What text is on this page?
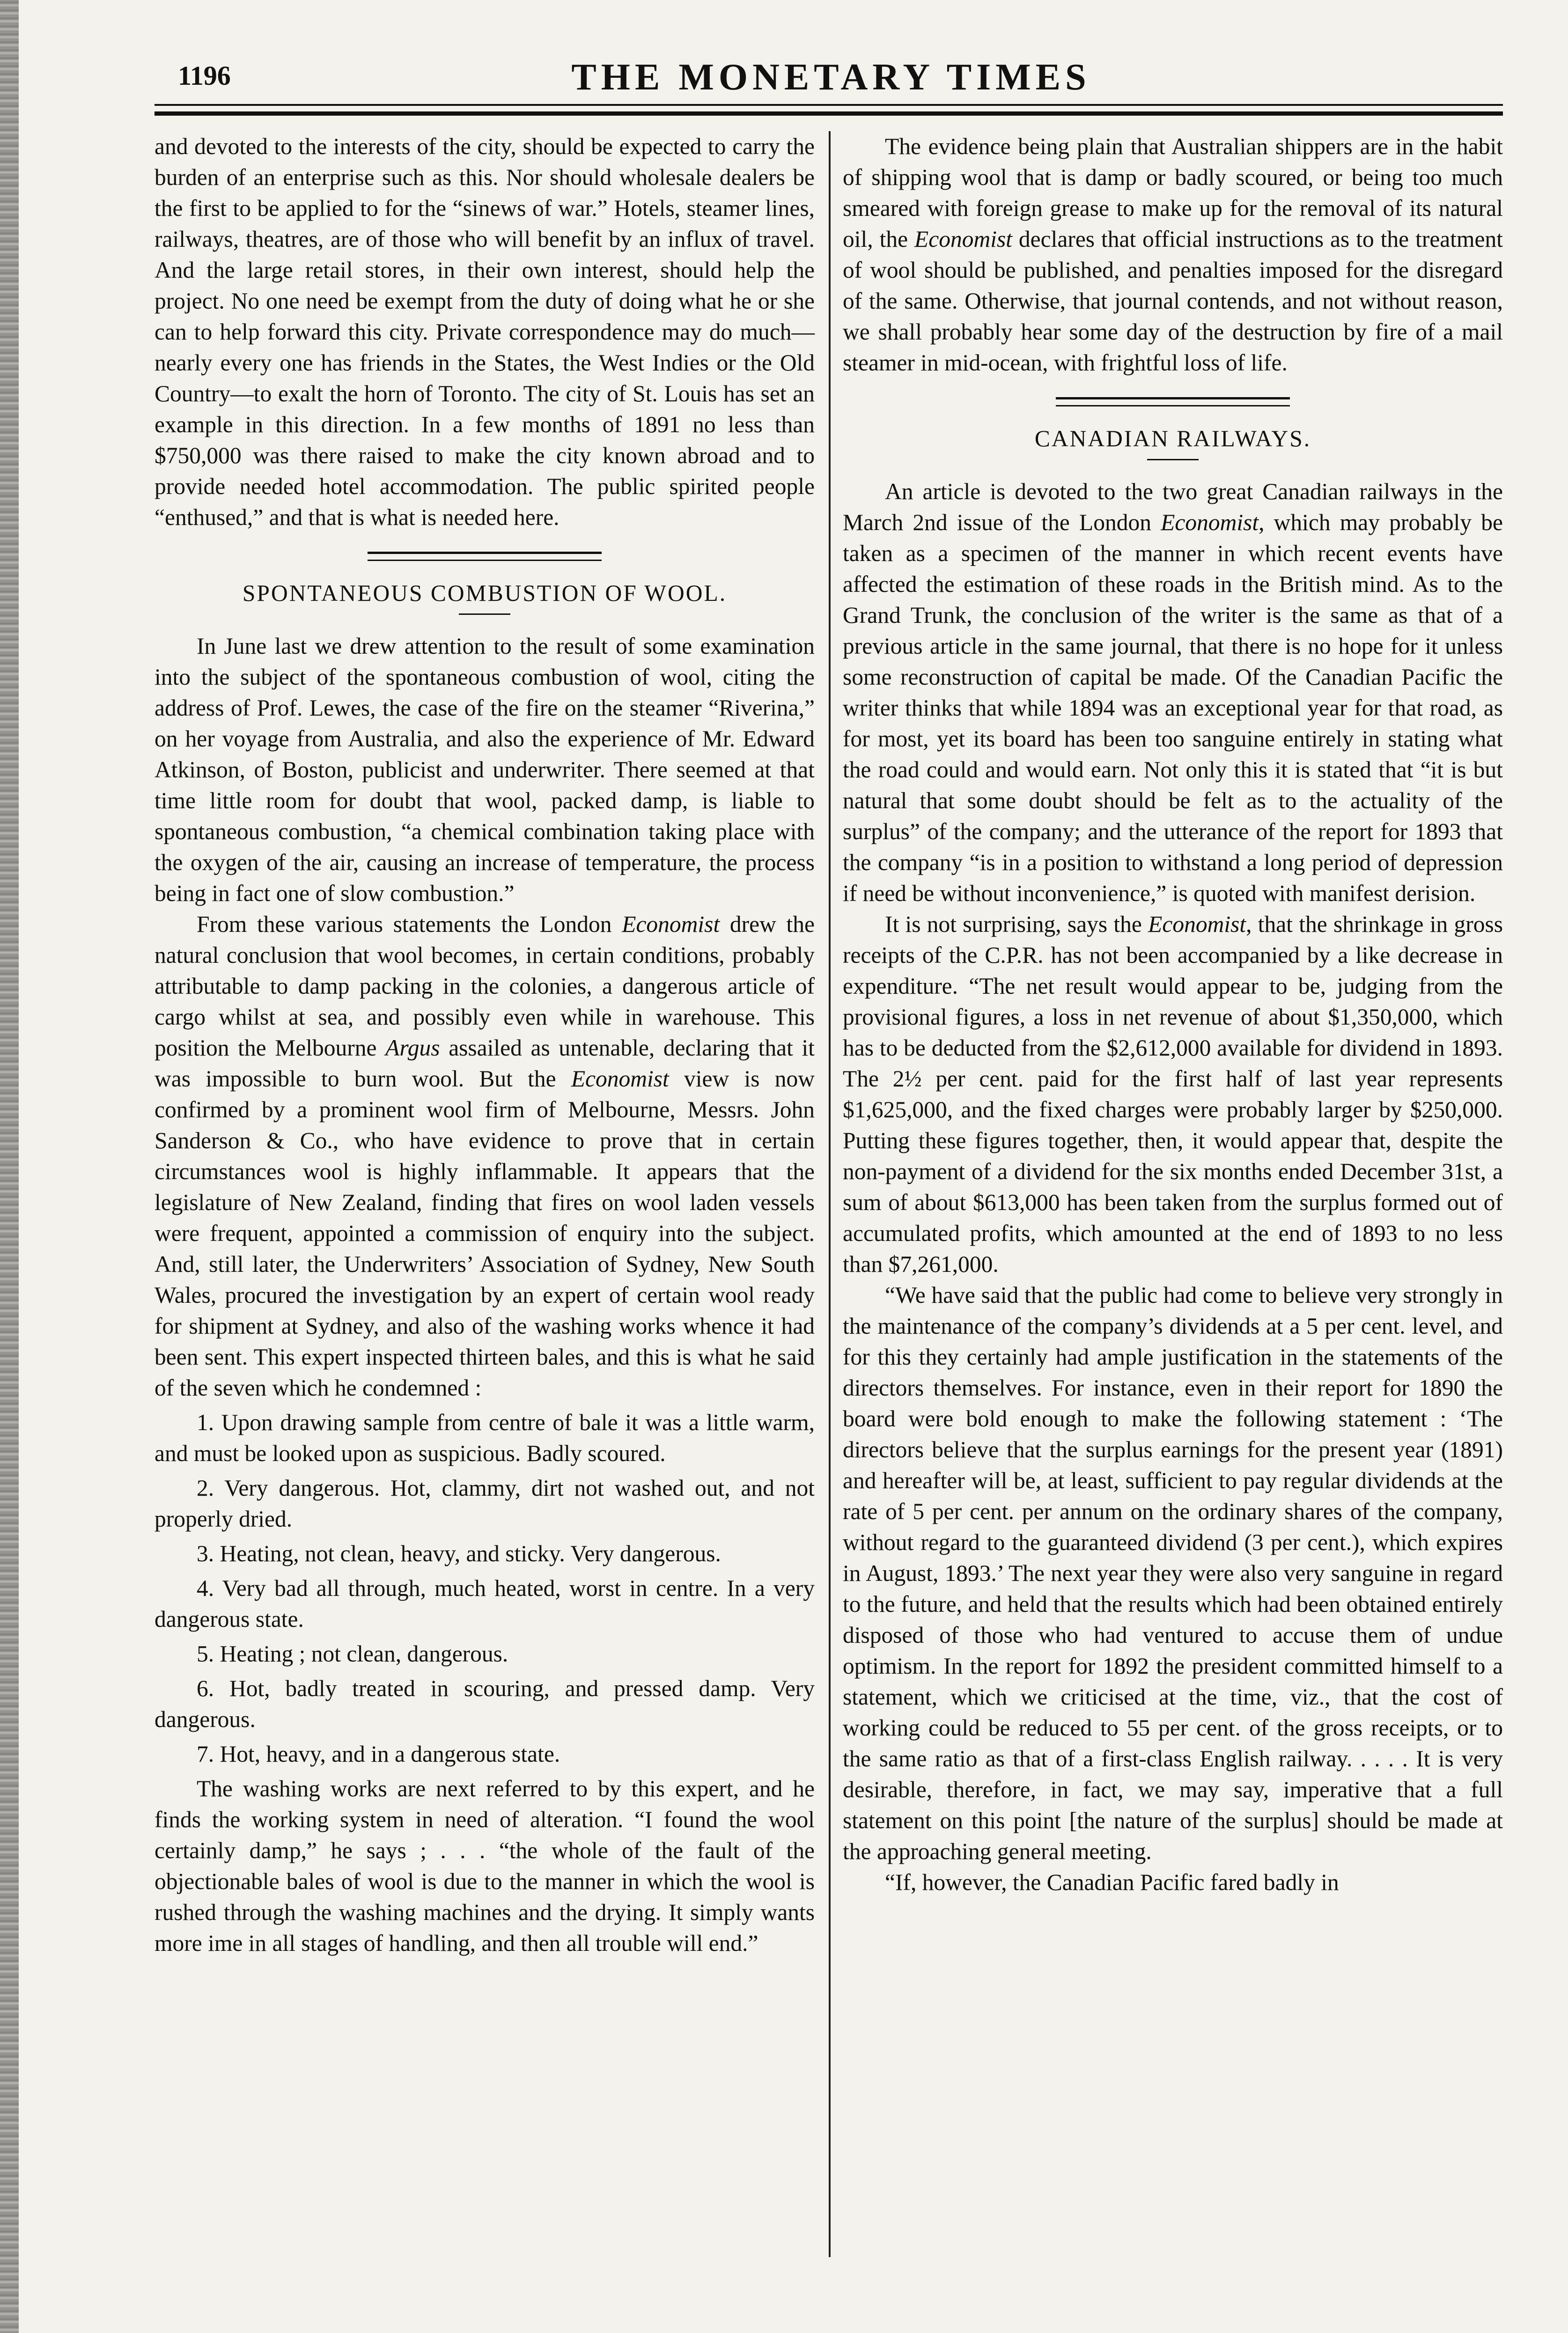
1196	THE MONETARY TIMES

and devoted to the interests of the city, should be expected to carry the burden of an enterprise such as this. Nor should wholesale dealers be the first to be applied to for the “sinews of war.” Hotels, steamer lines, railways, theatres, are of those who will benefit by an influx of travel. And the large retail stores, in their own interest, should help the project. No one need be exempt from the duty of doing what he or she can to help forward this city. Private correspondence may do much—nearly every one has friends in the States, the West Indies or the Old Country—to exalt the horn of Toronto. The city of St. Louis has set an example in this direction. In a few months of 1891 no less than $750,000 was there raised to make the city known abroad and to provide needed hotel accommodation. The public spirited people “enthused,” and that is what is needed here.

SPONTANEOUS COMBUSTION OF WOOL.

In June last we drew attention to the result of some examination into the subject of the spontaneous combustion of wool, citing the address of Prof. Lewes, the case of the fire on the steamer “Riverina,” on her voyage from Australia, and also the experience of Mr. Edward Atkinson, of Boston, publicist and underwriter. There seemed at that time little room for doubt that wool, packed damp, is liable to spontaneous combustion, “a chemical combination taking place with the oxygen of the air, causing an increase of temperature, the process being in fact one of slow combustion.”

From these various statements the London Economist drew the natural conclusion that wool becomes, in certain conditions, probably attributable to damp packing in the colonies, a dangerous article of cargo whilst at sea, and possibly even while in warehouse. This position the Melbourne Argus assailed as untenable, declaring that it was impossible to burn wool. But the Economist view is now confirmed by a prominent wool firm of Melbourne, Messrs. John Sanderson & Co., who have evidence to prove that in certain circumstances wool is highly inflammable. It appears that the legislature of New Zealand, finding that fires on wool laden vessels were frequent, appointed a commission of enquiry into the subject. And, still later, the Underwriters’ Association of Sydney, New South Wales, procured the investigation by an expert of certain wool ready for shipment at Sydney, and also of the washing works whence it had been sent. This expert inspected thirteen bales, and this is what he said of the seven which he condemned :

1. Upon drawing sample from centre of bale it was a little warm, and must be looked upon as suspicious. Badly scoured.

2. Very dangerous. Hot, clammy, dirt not washed out, and not properly dried.

3. Heating, not clean, heavy, and sticky. Very dangerous.

4. Very bad all through, much heated, worst in centre. In a very dangerous state.

5. Heating ; not clean, dangerous.

6. Hot, badly treated in scouring, and pressed damp. Very dangerous.

7. Hot, heavy, and in a dangerous state.

The washing works are next referred to by this expert, and he finds the working system in need of alteration. “I found the wool certainly damp,” he says ; . . . “the whole of the fault of the objectionable bales of wool is due to the manner in which the wool is rushed through the washing machines and the drying. It simply wants more ime in all stages of handling, and then all trouble will end.”

The evidence being plain that Australian shippers are in the habit of shipping wool that is damp or badly scoured, or being too much smeared with foreign grease to make up for the removal of its natural oil, the Economist declares that official instructions as to the treatment of wool should be published, and penalties imposed for the disregard of the same. Otherwise, that journal contends, and not without reason, we shall probably hear some day of the destruction by fire of a mail steamer in mid-ocean, with frightful loss of life.

CANADIAN RAILWAYS.

An article is devoted to the two great Canadian railways in the March 2nd issue of the London Economist, which may probably be taken as a specimen of the manner in which recent events have affected the estimation of these roads in the British mind. As to the Grand Trunk, the conclusion of the writer is the same as that of a previous article in the same journal, that there is no hope for it unless some reconstruction of capital be made. Of the Canadian Pacific the writer thinks that while 1894 was an exceptional year for that road, as for most, yet its board has been too sanguine entirely in stating what the road could and would earn. Not only this it is stated that “it is but natural that some doubt should be felt as to the actuality of the surplus” of the company; and the utterance of the report for 1893 that the company “is in a position to withstand a long period of depression if need be without inconvenience,” is quoted with manifest derision.

It is not surprising, says the Economist, that the shrinkage in gross receipts of the C.P.R. has not been accompanied by a like decrease in expenditure. “The net result would appear to be, judging from the provisional figures, a loss in net revenue of about $1,350,000, which has to be deducted from the $2,612,000 available for dividend in 1893. The 2½ per cent. paid for the first half of last year represents $1,625,000, and the fixed charges were probably larger by $250,000. Putting these figures together, then, it would appear that, despite the non-payment of a dividend for the six months ended December 31st, a sum of about $613,000 has been taken from the surplus formed out of accumulated profits, which amounted at the end of 1893 to no less than $7,261,000.

“We have said that the public had come to believe very strongly in the maintenance of the company’s dividends at a 5 per cent. level, and for this they certainly had ample justification in the statements of the directors themselves. For instance, even in their report for 1890 the board were bold enough to make the following statement : ‘The directors believe that the surplus earnings for the present year (1891) and hereafter will be, at least, sufficient to pay regular dividends at the rate of 5 per cent. per annum on the ordinary shares of the company, without regard to the guaranteed dividend (3 per cent.), which expires in August, 1893.’ The next year they were also very sanguine in regard to the future, and held that the results which had been obtained entirely disposed of those who had ventured to accuse them of undue optimism. In the report for 1892 the president committed himself to a statement, which we criticised at the time, viz., that the cost of working could be reduced to 55 per cent. of the gross receipts, or to the same ratio as that of a first-class English railway. . . . . It is very desirable, therefore, in fact, we may say, imperative that a full statement on this point [the nature of the surplus] should be made at the approaching general meeting.

“If, however, the Canadian Pacific fared badly in
